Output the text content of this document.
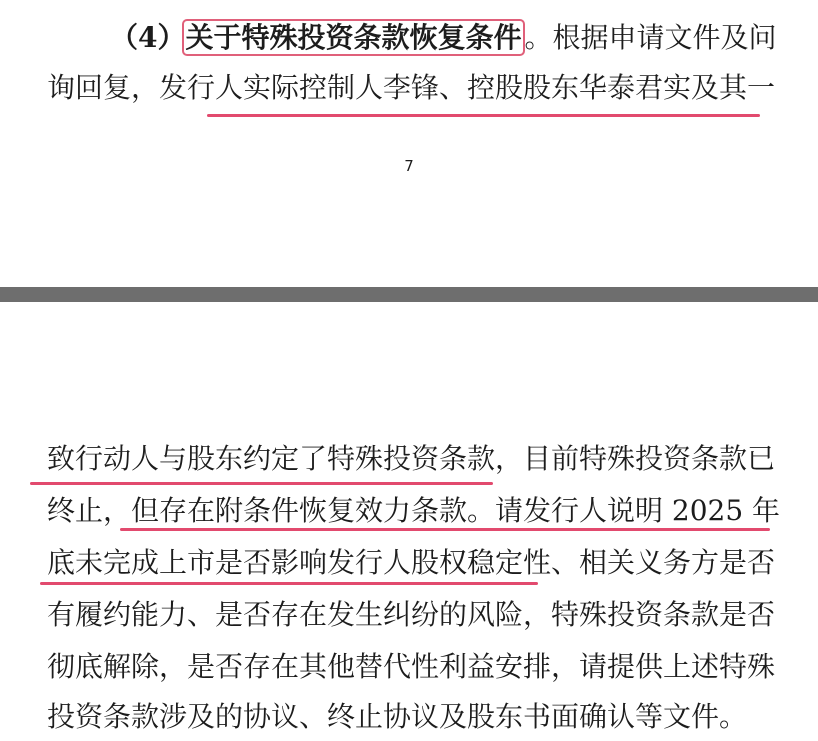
（4）关于特殊投资条款恢复条件 。根据申请文件及问
询回复，发行人实际控制人李锋、控股股东华泰君实及其一
7
致行动人与股东约定了特殊投资条款，目前特殊投资条款已
终止，但存在附条件恢复效力条款。请发行人说明 2025 年
底未完成上市是否影响发行人股权稳定性、相关义务方是否
有履约能力、是否存在发生纠纷的风险，特殊投资条款是否
彻底解除，是否存在其他替代性利益安排，请提供上述特殊
投资条款涉及的协议、终止协议及股东书面确认等文件。
